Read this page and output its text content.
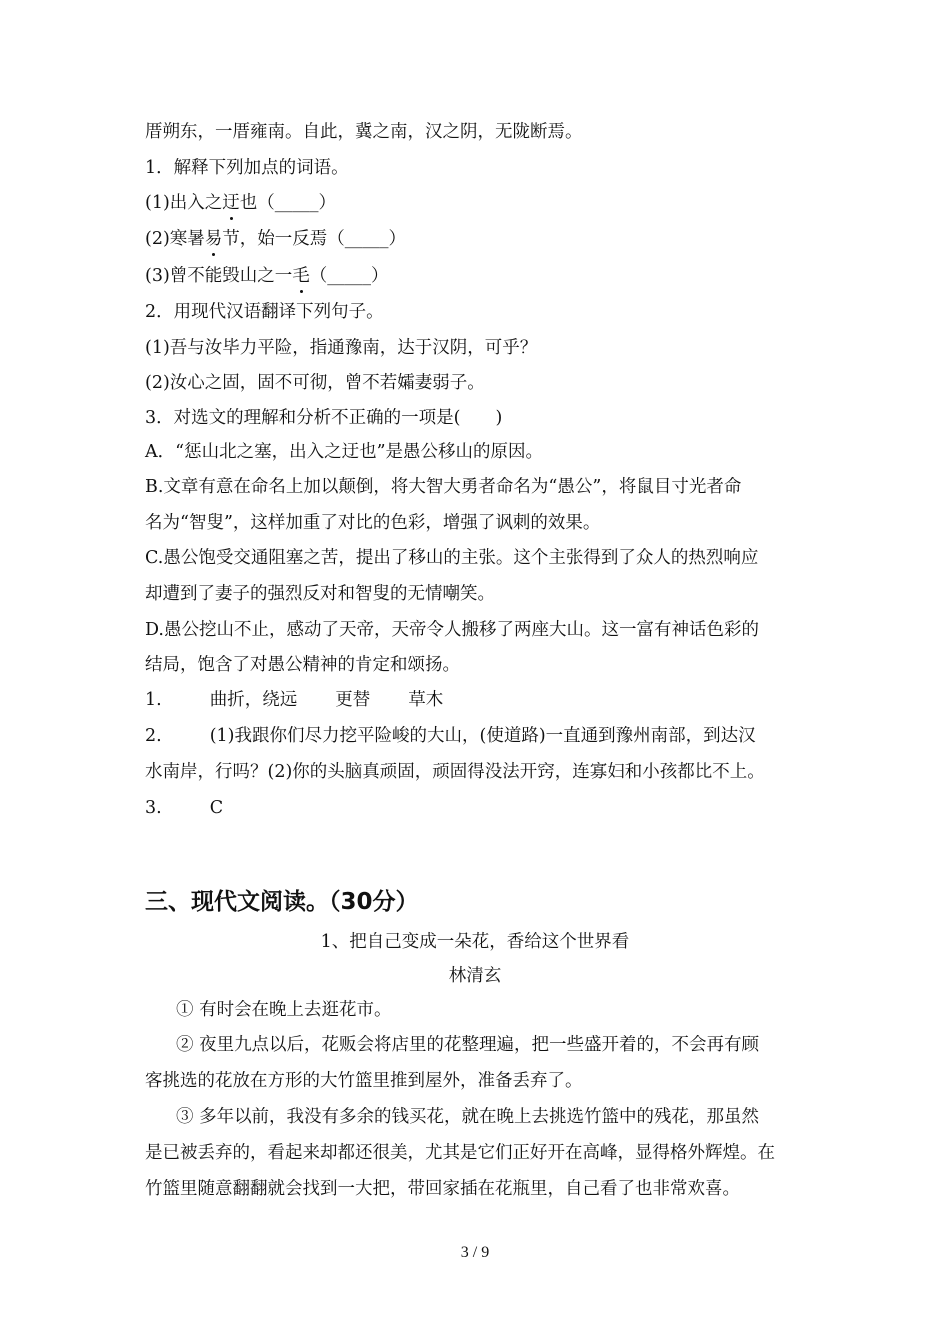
厝朔东，一厝雍南。自此，冀之南，汉之阴，无陇断焉。
1．解释下列加点的词语。
(1)出入之迂也（_____）
(2)寒暑易节，始一反焉（_____）
(3)曾不能毁山之一毛（_____）
2．用现代汉语翻译下列句子。
(1)吾与汝毕力平险，指通豫南，达于汉阴，可乎？
(2)汝心之固，固不可彻，曾不若孀妻弱子。
3．对选文的理解和分析不正确的一项是(　　)
A．“惩山北之塞，出入之迂也”是愚公移山的原因。
B.文章有意在命名上加以颠倒，将大智大勇者命名为“愚公”，将鼠目寸光者命
名为“智叟”，这样加重了对比的色彩，增强了讽刺的效果。
C.愚公饱受交通阻塞之苦，提出了移山的主张。这个主张得到了众人的热烈响应
却遭到了妻子的强烈反对和智叟的无情嘲笑。
D.愚公挖山不止，感动了天帝，天帝令人搬移了两座大山。这一富有神话色彩的
结局，饱含了对愚公精神的肯定和颂扬。
1.	曲折，绕远 更替 草木
2.	(1)我跟你们尽力挖平险峻的大山，(使道路)一直通到豫州南部，到达汉
水南岸，行吗？(2)你的头脑真顽固，顽固得没法开窍，连寡妇和小孩都比不上。
3.	C
三、现代文阅读。（30分）
1、把自己变成一朵花，香给这个世界看
林清玄
① 有时会在晚上去逛花市。
② 夜里九点以后，花贩会将店里的花整理遍，把一些盛开着的，不会再有顾
客挑选的花放在方形的大竹篮里推到屋外，准备丢弃了。
③ 多年以前，我没有多余的钱买花，就在晚上去挑选竹篮中的残花，那虽然
是已被丢弃的，看起来却都还很美，尤其是它们正好开在高峰，显得格外辉煌。在
竹篮里随意翻翻就会找到一大把，带回家插在花瓶里，自己看了也非常欢喜。
3 / 9
